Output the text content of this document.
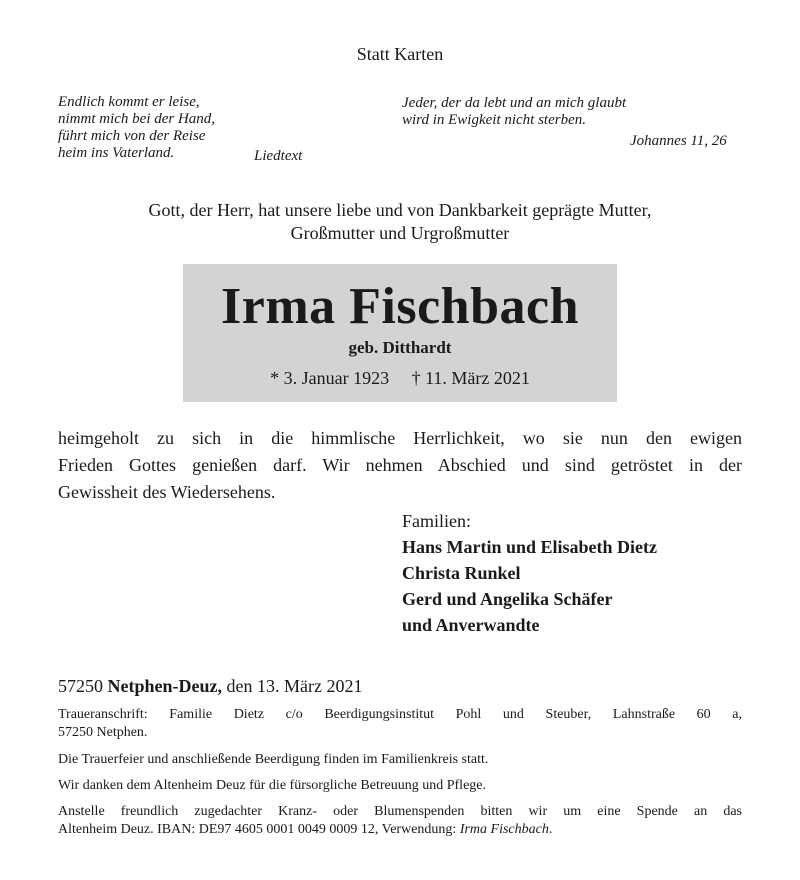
Statt Karten
Endlich kommt er leise,
nimmt mich bei der Hand,
führt mich von der Reise
heim ins Vaterland.	Liedtext
Jeder, der da lebt und an mich glaubt
wird in Ewigkeit nicht sterben.
Johannes 11, 26
Gott, der Herr, hat unsere liebe und von Dankbarkeit geprägte Mutter,
Großmutter und Urgroßmutter
Irma Fischbach
geb. Ditthardt
* 3. Januar 1923     † 11. März 2021
heimgeholt zu sich in die himmlische Herrlichkeit, wo sie nun den ewigen
Frieden Gottes genießen darf. Wir nehmen Abschied und sind getröstet in der
Gewissheit des Wiedersehens.
Familien:
Hans Martin und Elisabeth Dietz
Christa Runkel
Gerd und Angelika Schäfer
und Anverwandte
57250 Netphen-Deuz, den 13. März 2021
Traueranschrift: Familie Dietz c/o Beerdigungsinstitut Pohl und Steuber, Lahnstraße 60 a,
57250 Netphen.
Die Trauerfeier und anschließende Beerdigung finden im Familienkreis statt.
Wir danken dem Altenheim Deuz für die fürsorgliche Betreuung und Pflege.
Anstelle freundlich zugedachter Kranz- oder Blumenspenden bitten wir um eine Spende an das
Altenheim Deuz. IBAN: DE97 4605 0001 0049 0009 12, Verwendung: Irma Fischbach.
